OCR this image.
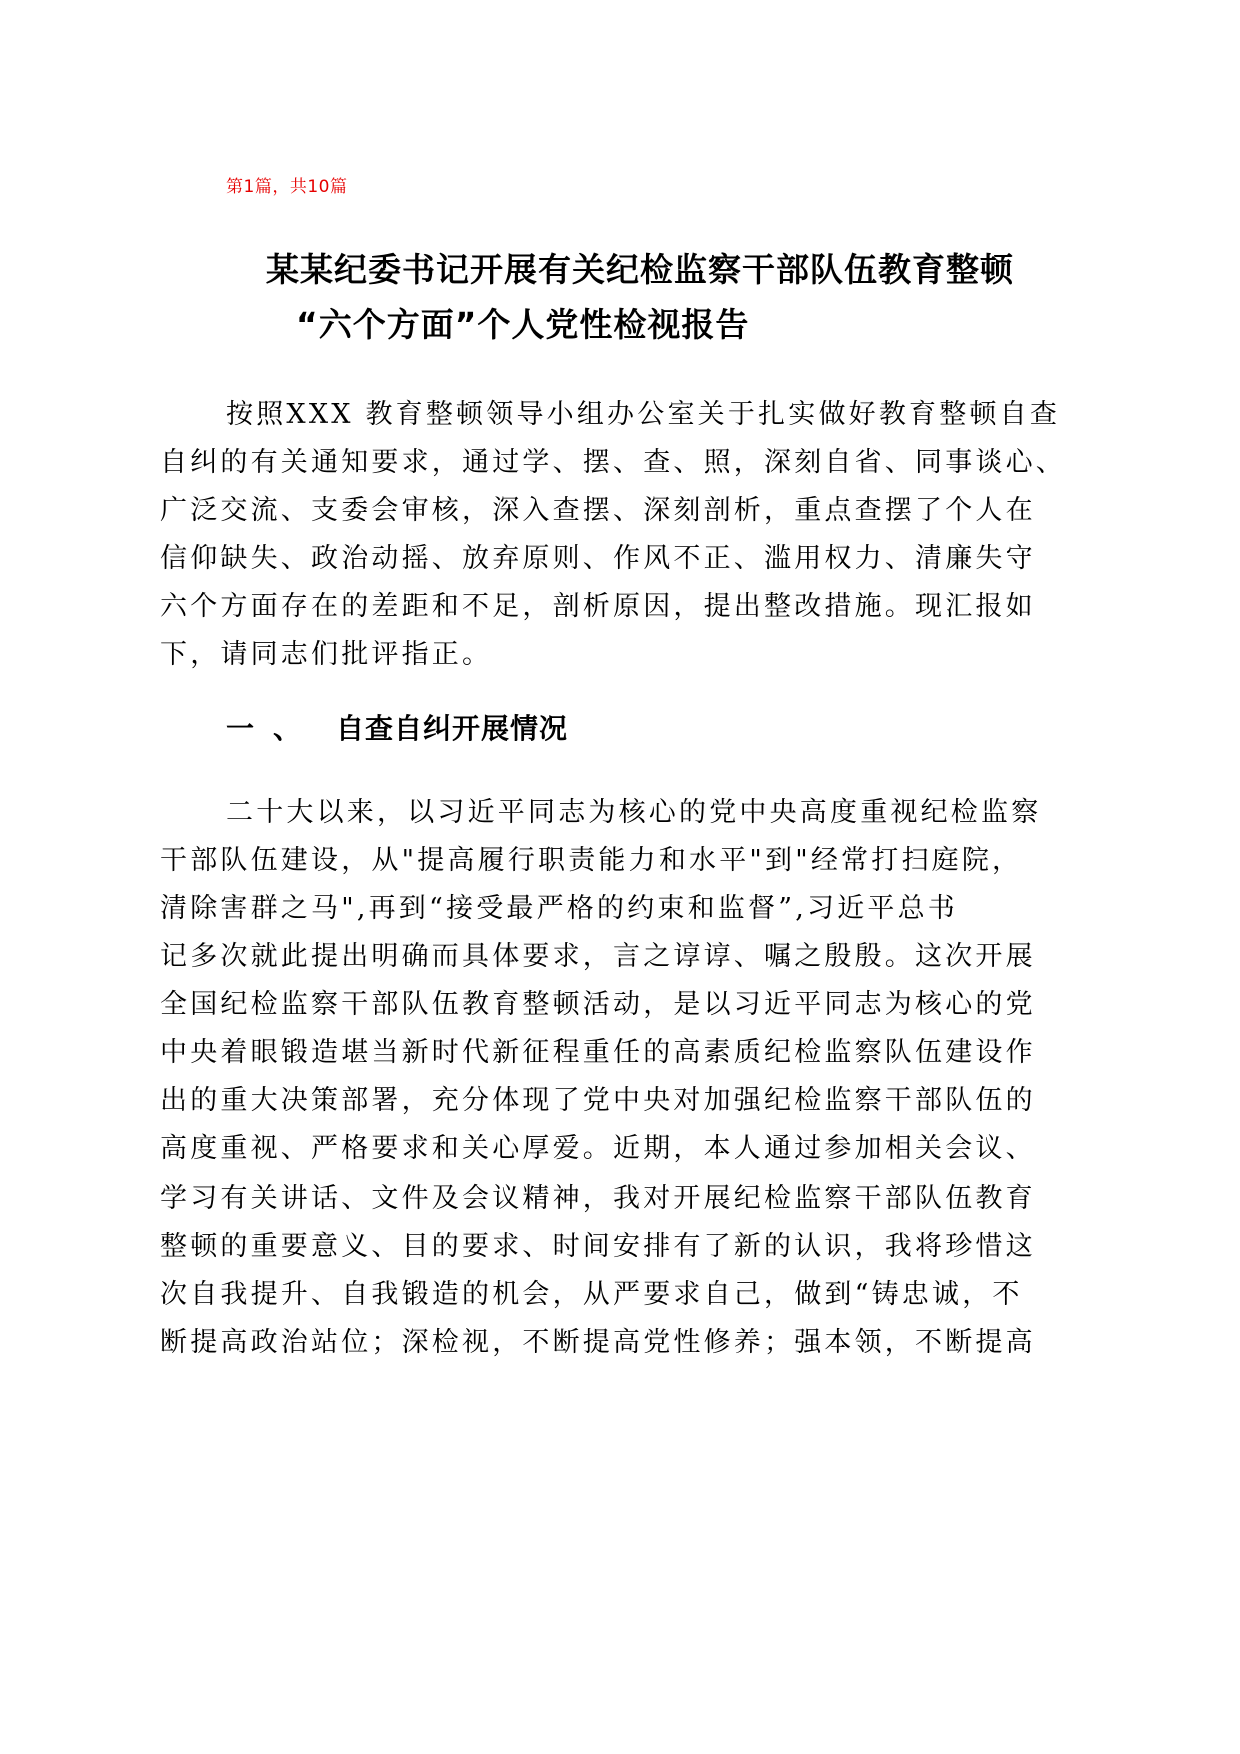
第1篇，共10篇
某某纪委书记开展有关纪检监察干部队伍教育整顿
“六个方面”个人党性检视报告
按照XXX 教育整顿领导小组办公室关于扎实做好教育整顿自查
自纠的有关通知要求，通过学、摆、查、照，深刻自省、同事谈心、
广泛交流、支委会审核，深入查摆、深刻剖析，重点查摆了个人在
信仰缺失、政治动摇、放弃原则、作风不正、滥用权力、清廉失守
六个方面存在的差距和不足，剖析原因，提出整改措施。现汇报如
下，请同志们批评指正。
一 、 自查自纠开展情况
二十大以来，以习近平同志为核心的党中央高度重视纪检监察
干部队伍建设，从"提高履行职责能力和水平"到"经常打扫庭院，
清除害群之马",再到“接受最严格的约束和监督”,习近平总书
记多次就此提出明确而具体要求，言之谆谆、嘱之殷殷。这次开展
全国纪检监察干部队伍教育整顿活动，是以习近平同志为核心的党
中央着眼锻造堪当新时代新征程重任的高素质纪检监察队伍建设作
出的重大决策部署，充分体现了党中央对加强纪检监察干部队伍的
高度重视、严格要求和关心厚爱。近期，本人通过参加相关会议、
学习有关讲话、文件及会议精神，我对开展纪检监察干部队伍教育
整顿的重要意义、目的要求、时间安排有了新的认识，我将珍惜这
次自我提升、自我锻造的机会，从严要求自己，做到“铸忠诚，不
断提高政治站位；深检视，不断提高党性修养；强本领，不断提高
